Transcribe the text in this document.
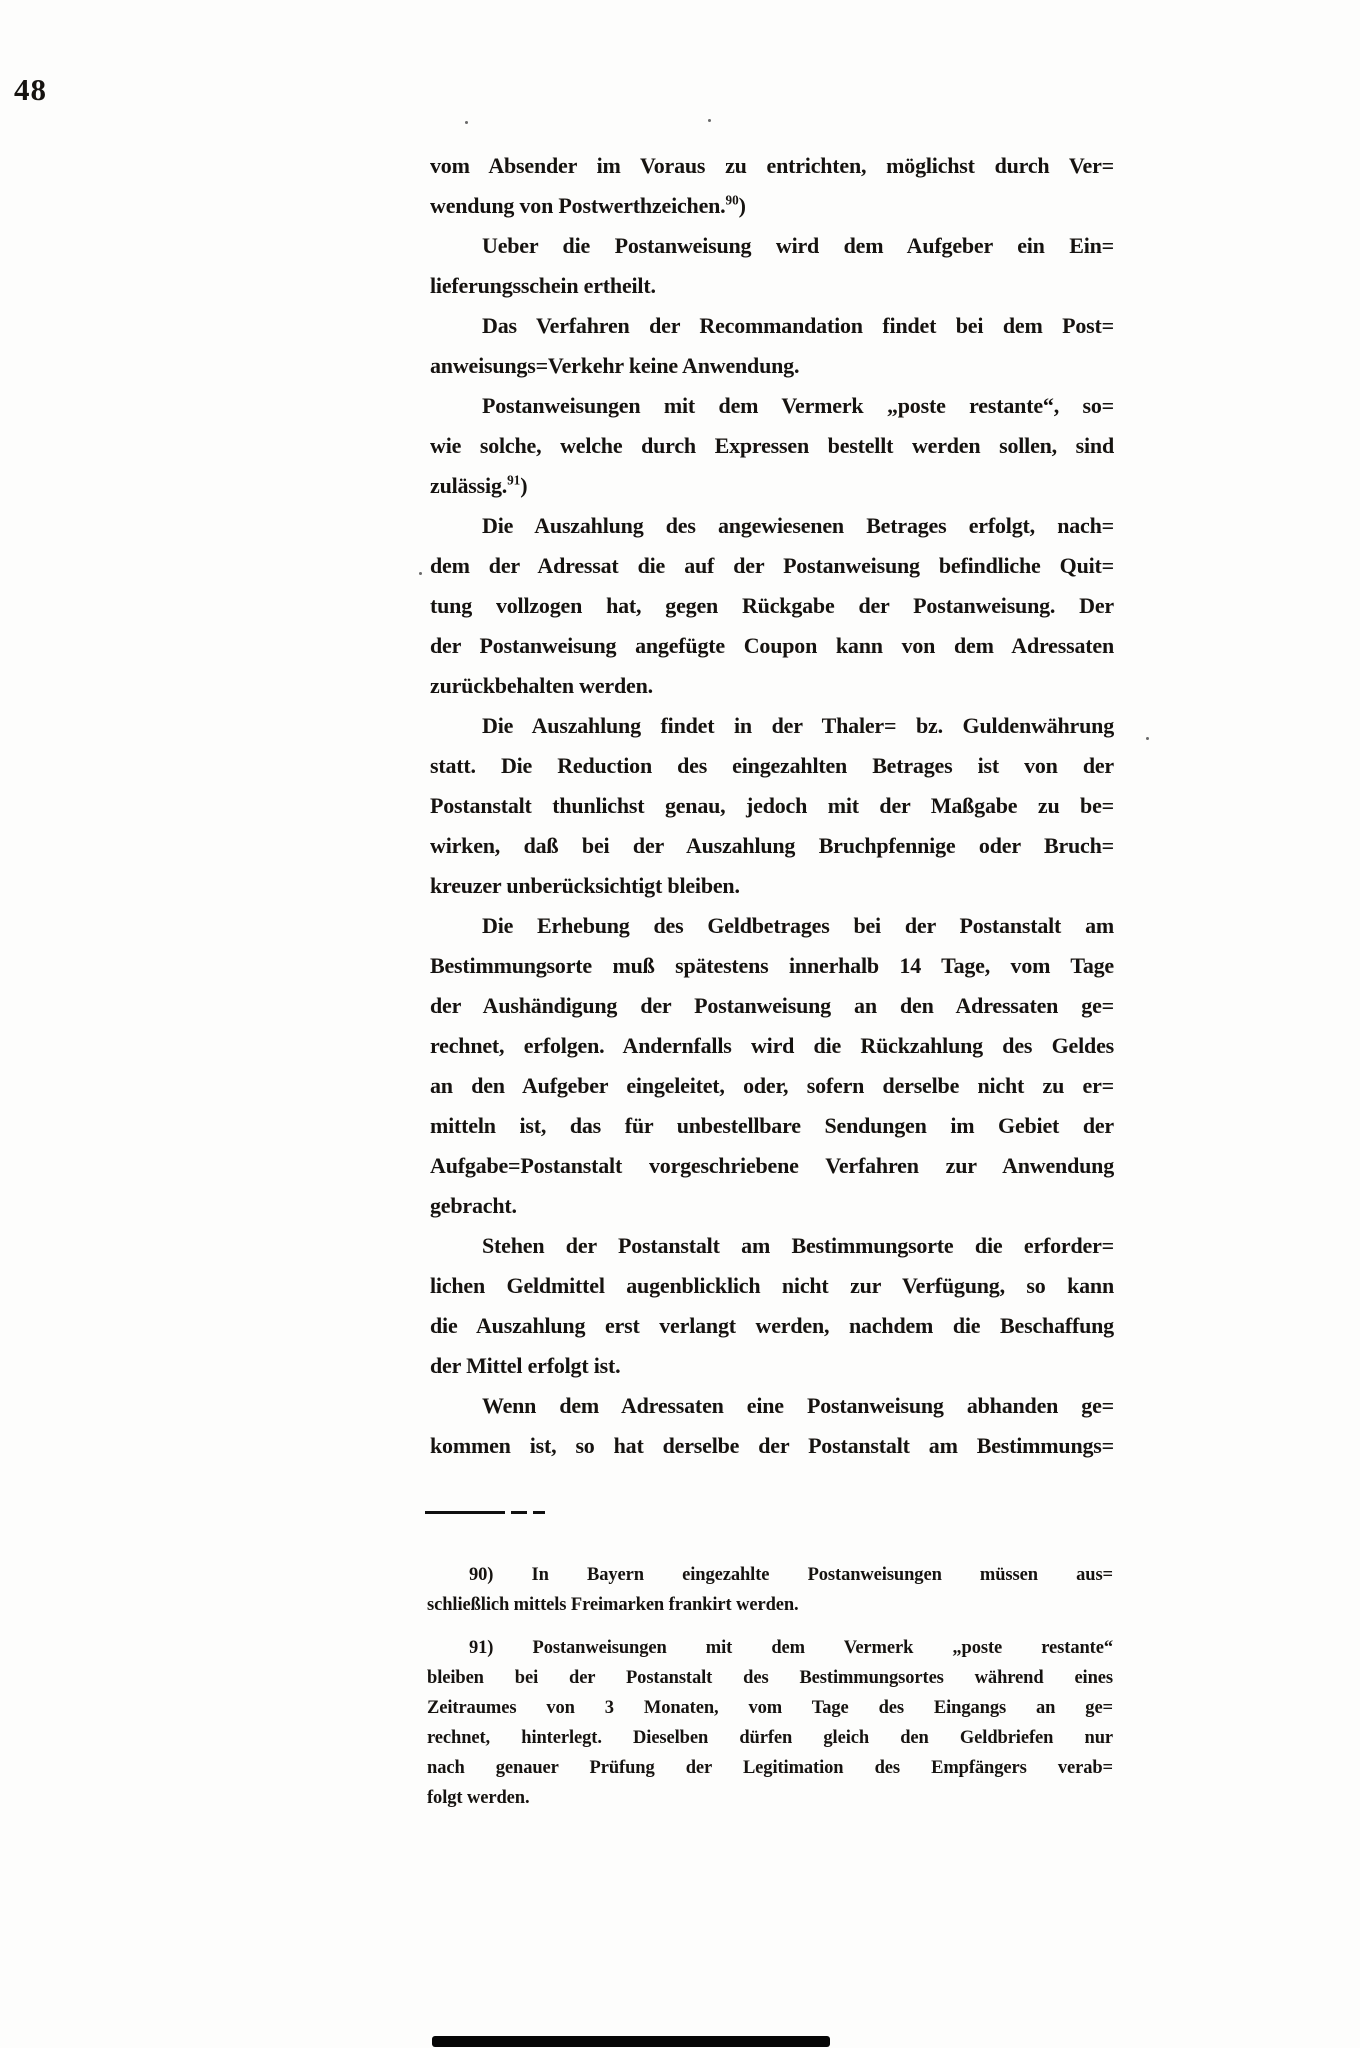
48
vom Absender im Voraus zu entrichten, möglichst durch Ver=
wendung von Postwerthzeichen.$^{90}$)
Ueber die Postanweisung wird dem Aufgeber ein Ein=
lieferungsschein ertheilt.
Das Verfahren der Recommandation findet bei dem Post=
anweisungs=Verkehr keine Anwendung.
Postanweisungen mit dem Vermerk „poste restante“, so=
wie solche, welche durch Expressen bestellt werden sollen, sind
zulässig.$^{91}$)
Die Auszahlung des angewiesenen Betrages erfolgt, nach=
dem der Adressat die auf der Postanweisung befindliche Quit=
tung vollzogen hat, gegen Rückgabe der Postanweisung. Der
der Postanweisung angefügte Coupon kann von dem Adressaten
zurückbehalten werden.
Die Auszahlung findet in der Thaler= bz. Guldenwährung
statt. Die Reduction des eingezahlten Betrages ist von der
Postanstalt thunlichst genau, jedoch mit der Maßgabe zu be=
wirken, daß bei der Auszahlung Bruchpfennige oder Bruch=
kreuzer unberücksichtigt bleiben.
Die Erhebung des Geldbetrages bei der Postanstalt am
Bestimmungsorte muß spätestens innerhalb 14 Tage, vom Tage
der Aushändigung der Postanweisung an den Adressaten ge=
rechnet, erfolgen. Andernfalls wird die Rückzahlung des Geldes
an den Aufgeber eingeleitet, oder, sofern derselbe nicht zu er=
mitteln ist, das für unbestellbare Sendungen im Gebiet der
Aufgabe=Postanstalt vorgeschriebene Verfahren zur Anwendung
gebracht.
Stehen der Postanstalt am Bestimmungsorte die erforder=
lichen Geldmittel augenblicklich nicht zur Verfügung, so kann
die Auszahlung erst verlangt werden, nachdem die Beschaffung
der Mittel erfolgt ist.
Wenn dem Adressaten eine Postanweisung abhanden ge=
kommen ist, so hat derselbe der Postanstalt am Bestimmungs=
90) In Bayern eingezahlte Postanweisungen müssen aus=
schließlich mittels Freimarken frankirt werden.
91) Postanweisungen mit dem Vermerk „poste restante“
bleiben bei der Postanstalt des Bestimmungsortes während eines
Zeitraumes von 3 Monaten, vom Tage des Eingangs an ge=
rechnet, hinterlegt. Dieselben dürfen gleich den Geldbriefen nur
nach genauer Prüfung der Legitimation des Empfängers verab=
folgt werden.
